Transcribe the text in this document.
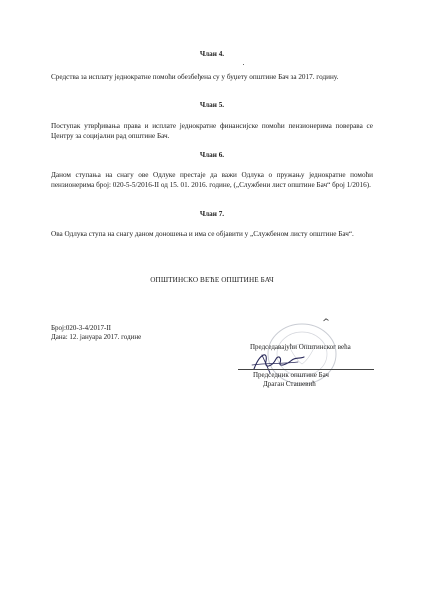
Члан 4.

Средства за исплату једнократне помоћи обезбеђена су у буџету општине Бач за 2017. годину.

Члан 5.

Поступак утврђивања права и исплате једнократне финансијске помоћи пензионерима поверава се Центру за социјални рад општине Бач.

Члан 6.

Даном ступања на снагу ове Одлуке престаје да важи Одлука о пружању једнократне помоћи пензионерима број: 020-5-5/2016-II од 15. 01. 2016. године, („Службени лист општине Бач“ број 1/2016).

Члан 7.

Ова Одлука ступа на снагу даном доношења и има се објавити у „Службеном листу општине Бач“.

ОПШТИНСКО ВЕЋЕ ОПШТИНЕ БАЧ

Број:020-3-4/2017-II

Дана: 12. јануара 2017. године

Председавајући Општинског већа

Председник општине Бач

Драган Сташевић
